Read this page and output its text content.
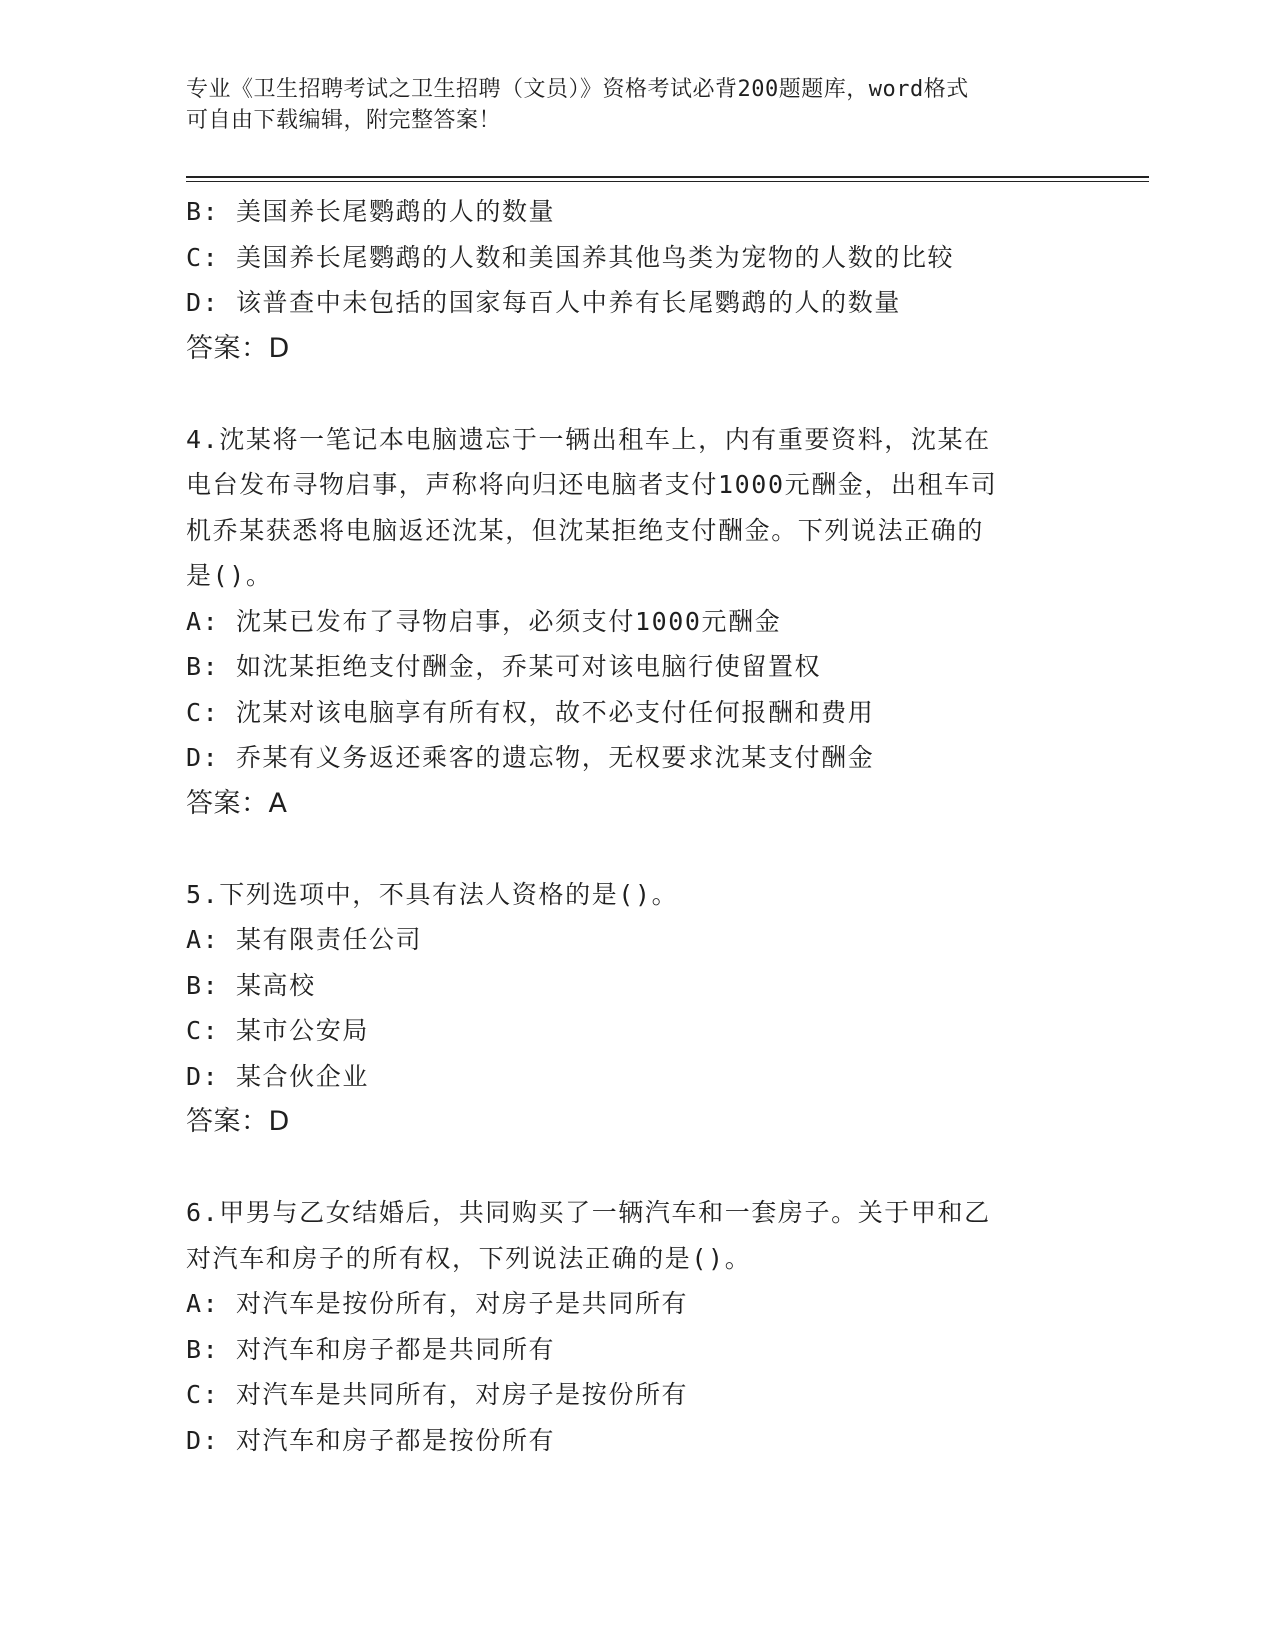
专业《卫生招聘考试之卫生招聘（文员）》资格考试必背200题题库，word格式
可自由下载编辑，附完整答案！
B: 美国养长尾鹦鹉的人的数量
C: 美国养长尾鹦鹉的人数和美国养其他鸟类为宠物的人数的比较
D: 该普查中未包括的国家每百人中养有长尾鹦鹉的人的数量
答案：D
4.沈某将一笔记本电脑遗忘于一辆出租车上，内有重要资料，沈某在
电台发布寻物启事，声称将向归还电脑者支付1000元酬金，出租车司
机乔某获悉将电脑返还沈某，但沈某拒绝支付酬金。下列说法正确的
是()。
A: 沈某已发布了寻物启事，必须支付1000元酬金
B: 如沈某拒绝支付酬金，乔某可对该电脑行使留置权
C: 沈某对该电脑享有所有权，故不必支付任何报酬和费用
D: 乔某有义务返还乘客的遗忘物，无权要求沈某支付酬金
答案：A
5.下列选项中，不具有法人资格的是()。
A: 某有限责任公司
B: 某高校
C: 某市公安局
D: 某合伙企业
答案：D
6.甲男与乙女结婚后，共同购买了一辆汽车和一套房子。关于甲和乙
对汽车和房子的所有权，下列说法正确的是()。
A: 对汽车是按份所有，对房子是共同所有
B: 对汽车和房子都是共同所有
C: 对汽车是共同所有，对房子是按份所有
D: 对汽车和房子都是按份所有
